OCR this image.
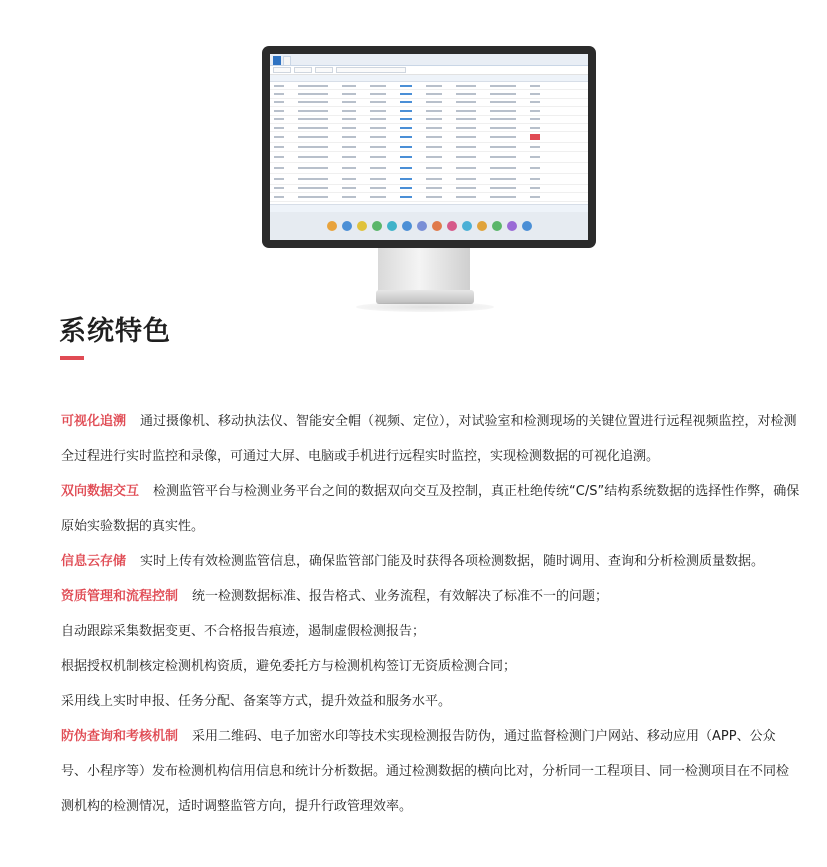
系统特色

可视化追溯 通过摄像机、移动执法仪、智能安全帽（视频、定位），对试验室和检测现场的关键位置进行远程视频监控，对检测全过程进行实时监控和录像，可通过大屏、电脑或手机进行远程实时监控，实现检测数据的可视化追溯。

双向数据交互 检测监管平台与检测业务平台之间的数据双向交互及控制，真正杜绝传统“C/S”结构系统数据的选择性作弊，确保原始实验数据的真实性。

信息云存储 实时上传有效检测监管信息，确保监管部门能及时获得各项检测数据，随时调用、查询和分析检测质量数据。

资质管理和流程控制 统一检测数据标准、报告格式、业务流程，有效解决了标准不一的问题；

自动跟踪采集数据变更、不合格报告痕迹，遏制虚假检测报告；

根据授权机制核定检测机构资质，避免委托方与检测机构签订无资质检测合同；

采用线上实时申报、任务分配、备案等方式，提升效益和服务水平。

防伪查询和考核机制 采用二维码、电子加密水印等技术实现检测报告防伪，通过监督检测门户网站、移动应用（APP、公众号、小程序等）发布检测机构信用信息和统计分析数据。通过检测数据的横向比对，分析同一工程项目、同一检测项目在不同检测机构的检测情况，适时调整监管方向，提升行政管理效率。
